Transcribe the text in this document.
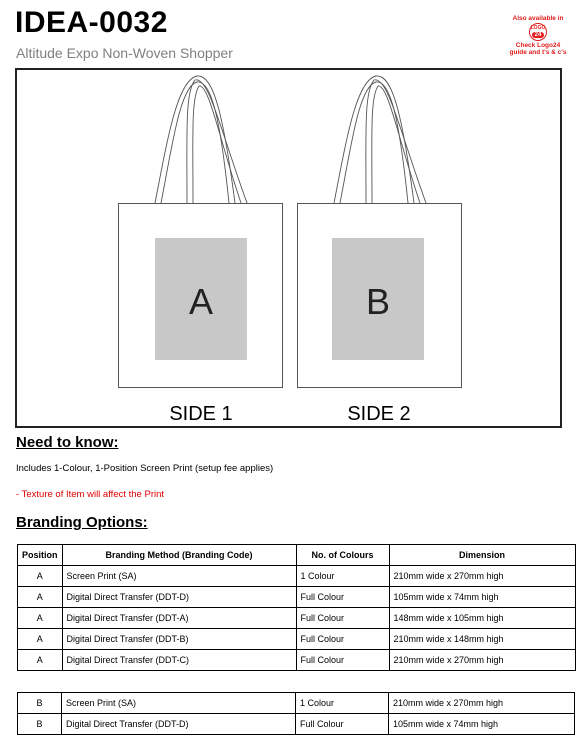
IDEA-0032
Altitude Expo Non-Woven Shopper
Also available in
LOGO
24
Check Logo24
guide and t's & c's
A	B
SIDE 1	SIDE 2
Need to know:
Includes 1-Colour, 1-Position Screen Print (setup fee applies)
- Texture of Item will affect the Print
Branding Options:
Position	Branding Method (Branding Code)	No. of Colours	Dimension
A	Screen Print (SA)	1 Colour	210mm wide x 270mm high
A	Digital Direct Transfer (DDT-D)	Full Colour	105mm wide x 74mm high
A	Digital Direct Transfer (DDT-A)	Full Colour	148mm wide x 105mm high
A	Digital Direct Transfer (DDT-B)	Full Colour	210mm wide x 148mm high
A	Digital Direct Transfer (DDT-C)	Full Colour	210mm wide x 270mm high
B	Screen Print (SA)	1 Colour	210mm wide x 270mm high
B	Digital Direct Transfer (DDT-D)	Full Colour	105mm wide x 74mm high
